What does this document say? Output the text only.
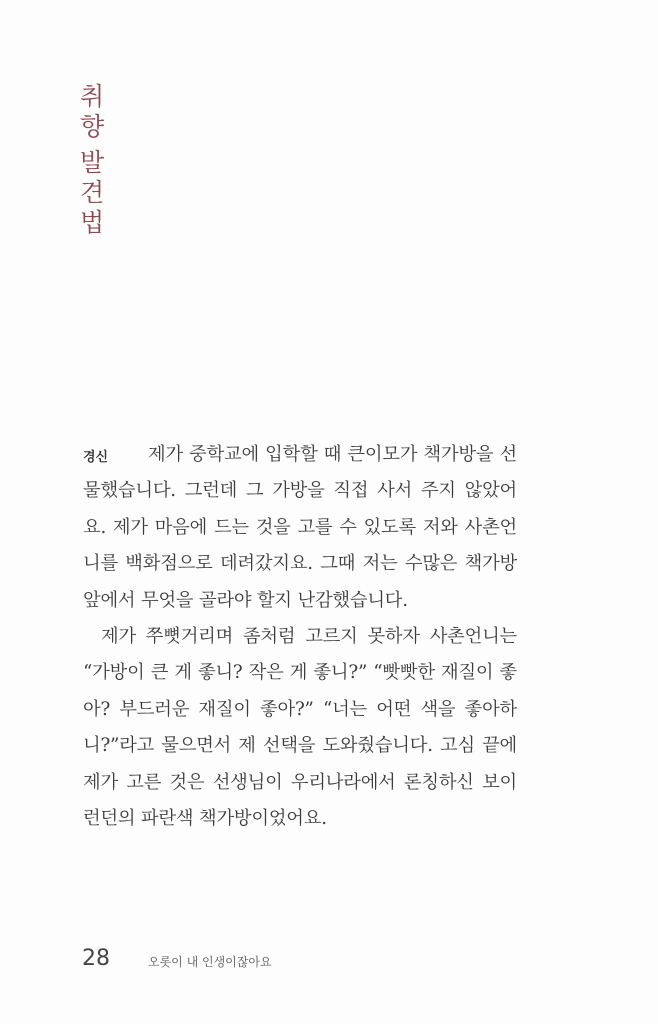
취
향
발
견
법
경신	제가 중학교에 입학할 때 큰이모가 책가방을 선물했습니다. 그런데 그 가방을 직접 사서 주지 않았어요. 제가 마음에 드는 것을 고를 수 있도록 저와 사촌언니를 백화점으로 데려갔지요. 그때 저는 수많은 책가방 앞에서 무엇을 골라야 할지 난감했습니다.

제가 쭈뼛거리며 좀처럼 고르지 못하자 사촌언니는 “가방이 큰 게 좋니? 작은 게 좋니?” “빳빳한 재질이 좋아? 부드러운 재질이 좋아?” “너는 어떤 색을 좋아하니?”라고 물으면서 제 선택을 도와줬습니다. 고심 끝에 제가 고른 것은 선생님이 우리나라에서 론칭하신 보이런던의 파란색 책가방이었어요.

28	오롯이 내 인생이잖아요
